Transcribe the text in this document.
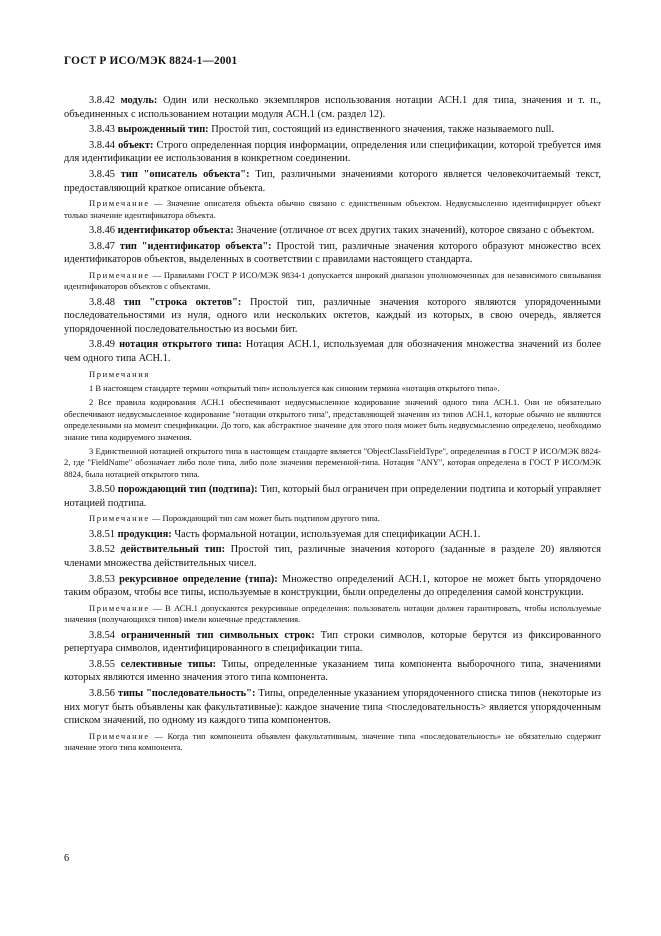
ГОСТ Р ИСО/МЭК 8824-1—2001

3.8.42 модуль: Один или несколько экземпляров использования нотации АСН.1 для типа, значения и т. п., объединенных с использованием нотации модуля АСН.1 (см. раздел 12).

3.8.43 вырожденный тип: Простой тип, состоящий из единственного значения, также называемого null.

3.8.44 объект: Строго определенная порция информации, определения или спецификации, которой требуется имя для идентификации ее использования в конкретном соединении.

3.8.45 тип "описатель объекта": Тип, различными значениями которого является человекочитаемый текст, предоставляющий краткое описание объекта.

Примечание — Значение описателя объекта обычно связано с единственным объектом. Недвусмысленно идентифицирует объект только значение идентификатора объекта.

3.8.46 идентификатор объекта: Значение (отличное от всех других таких значений), которое связано с объектом.

3.8.47 тип "идентификатор объекта": Простой тип, различные значения которого образуют множество всех идентификаторов объектов, выделенных в соответствии с правилами настоящего стандарта.

Примечание — Правилами ГОСТ Р ИСО/МЭК 9834-1 допускается широкий диапазон уполномоченных для независимого связывания идентификаторов объектов с объектами.

3.8.48 тип "строка октетов": Простой тип, различные значения которого являются упорядоченными последовательностями из нуля, одного или нескольких октетов, каждый из которых, в свою очередь, является упорядоченной последовательностью из восьми бит.

3.8.49 нотация открытого типа: Нотация АСН.1, используемая для обозначения множества значений из более чем одного типа АСН.1.

Примечания

1 В настоящем стандарте термин «открытый тип» используется как синоним термина «нотация открытого типа».

2 Все правила кодирования АСН.1 обеспечивают недвусмысленное кодирование значений одного типа АСН.1. Они не обязательно обеспечивают недвусмысленное кодирование "нотации открытого типа", представляющей значения из типов АСН.1, которые обычно не являются определенными на момент спецификации. До того, как абстрактное значение для этого поля может быть недвусмысленно определено, необходимо знание типа кодируемого значения.

3 Единственной нотацией открытого типа в настоящем стандарте является "ObjectClassFieldType", определенная в ГОСТ Р ИСО/МЭК 8824-2, где "FieldName" обозначает либо поле типа, либо поле значения переменной-типа. Нотация "ANY", которая определена в ГОСТ Р ИСО/МЭК 8824, была нотацией открытого типа.

3.8.50 порождающий тип (подтипа): Тип, который был ограничен при определении подтипа и который управляет нотацией подтипа.

Примечание — Порождающий тип сам может быть подтипом другого типа.

3.8.51 продукция: Часть формальной нотации, используемая для спецификации АСН.1.

3.8.52 действительный тип: Простой тип, различные значения которого (заданные в разделе 20) являются членами множества действительных чисел.

3.8.53 рекурсивное определение (типа): Множество определений АСН.1, которое не может быть упорядочено таким образом, чтобы все типы, используемые в конструкции, были определены до определения самой конструкции.

Примечание — В АСН.1 допускаются рекурсивные определения: пользователь нотации должен гарантировать, чтобы используемые значения (получающихся типов) имели конечные представления.

3.8.54 ограниченный тип символьных строк: Тип строки символов, которые берутся из фиксированного репертуара символов, идентифицированного в спецификации типа.

3.8.55 селективные типы: Типы, определенные указанием типа компонента выборочного типа, значениями которых являются именно значения этого типа компонента.

3.8.56 типы "последовательность": Типы, определенные указанием упорядоченного списка типов (некоторые из них могут быть объявлены как факультативные): каждое значение типа <последовательность> является упорядоченным списком значений, по одному из каждого типа компонентов.

Примечание — Когда тип компонента объявлен факультативным, значение типа «последовательность» не обязательно содержит значение этого типа компонента.

6
